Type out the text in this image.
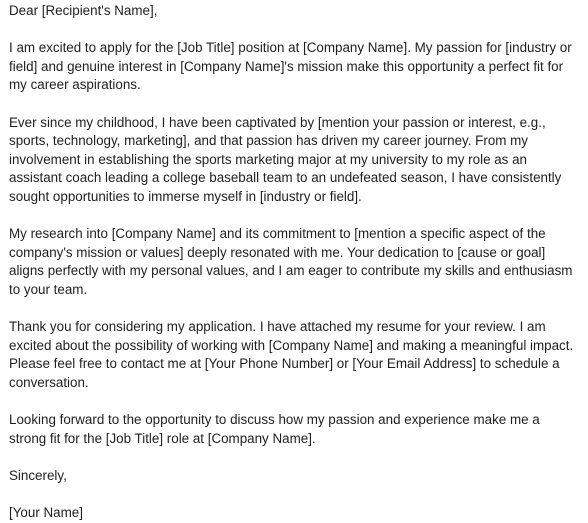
Dear [Recipient's Name],

I am excited to apply for the [Job Title] position at [Company Name]. My passion for [industry or field] and genuine interest in [Company Name]'s mission make this opportunity a perfect fit for my career aspirations.

Ever since my childhood, I have been captivated by [mention your passion or interest, e.g., sports, technology, marketing], and that passion has driven my career journey. From my involvement in establishing the sports marketing major at my university to my role as an assistant coach leading a college baseball team to an undefeated season, I have consistently sought opportunities to immerse myself in [industry or field].

My research into [Company Name] and its commitment to [mention a specific aspect of the company's mission or values] deeply resonated with me. Your dedication to [cause or goal] aligns perfectly with my personal values, and I am eager to contribute my skills and enthusiasm to your team.

Thank you for considering my application. I have attached my resume for your review. I am excited about the possibility of working with [Company Name] and making a meaningful impact. Please feel free to contact me at [Your Phone Number] or [Your Email Address] to schedule a conversation.

Looking forward to the opportunity to discuss how my passion and experience make me a strong fit for the [Job Title] role at [Company Name].

Sincerely,

[Your Name]
